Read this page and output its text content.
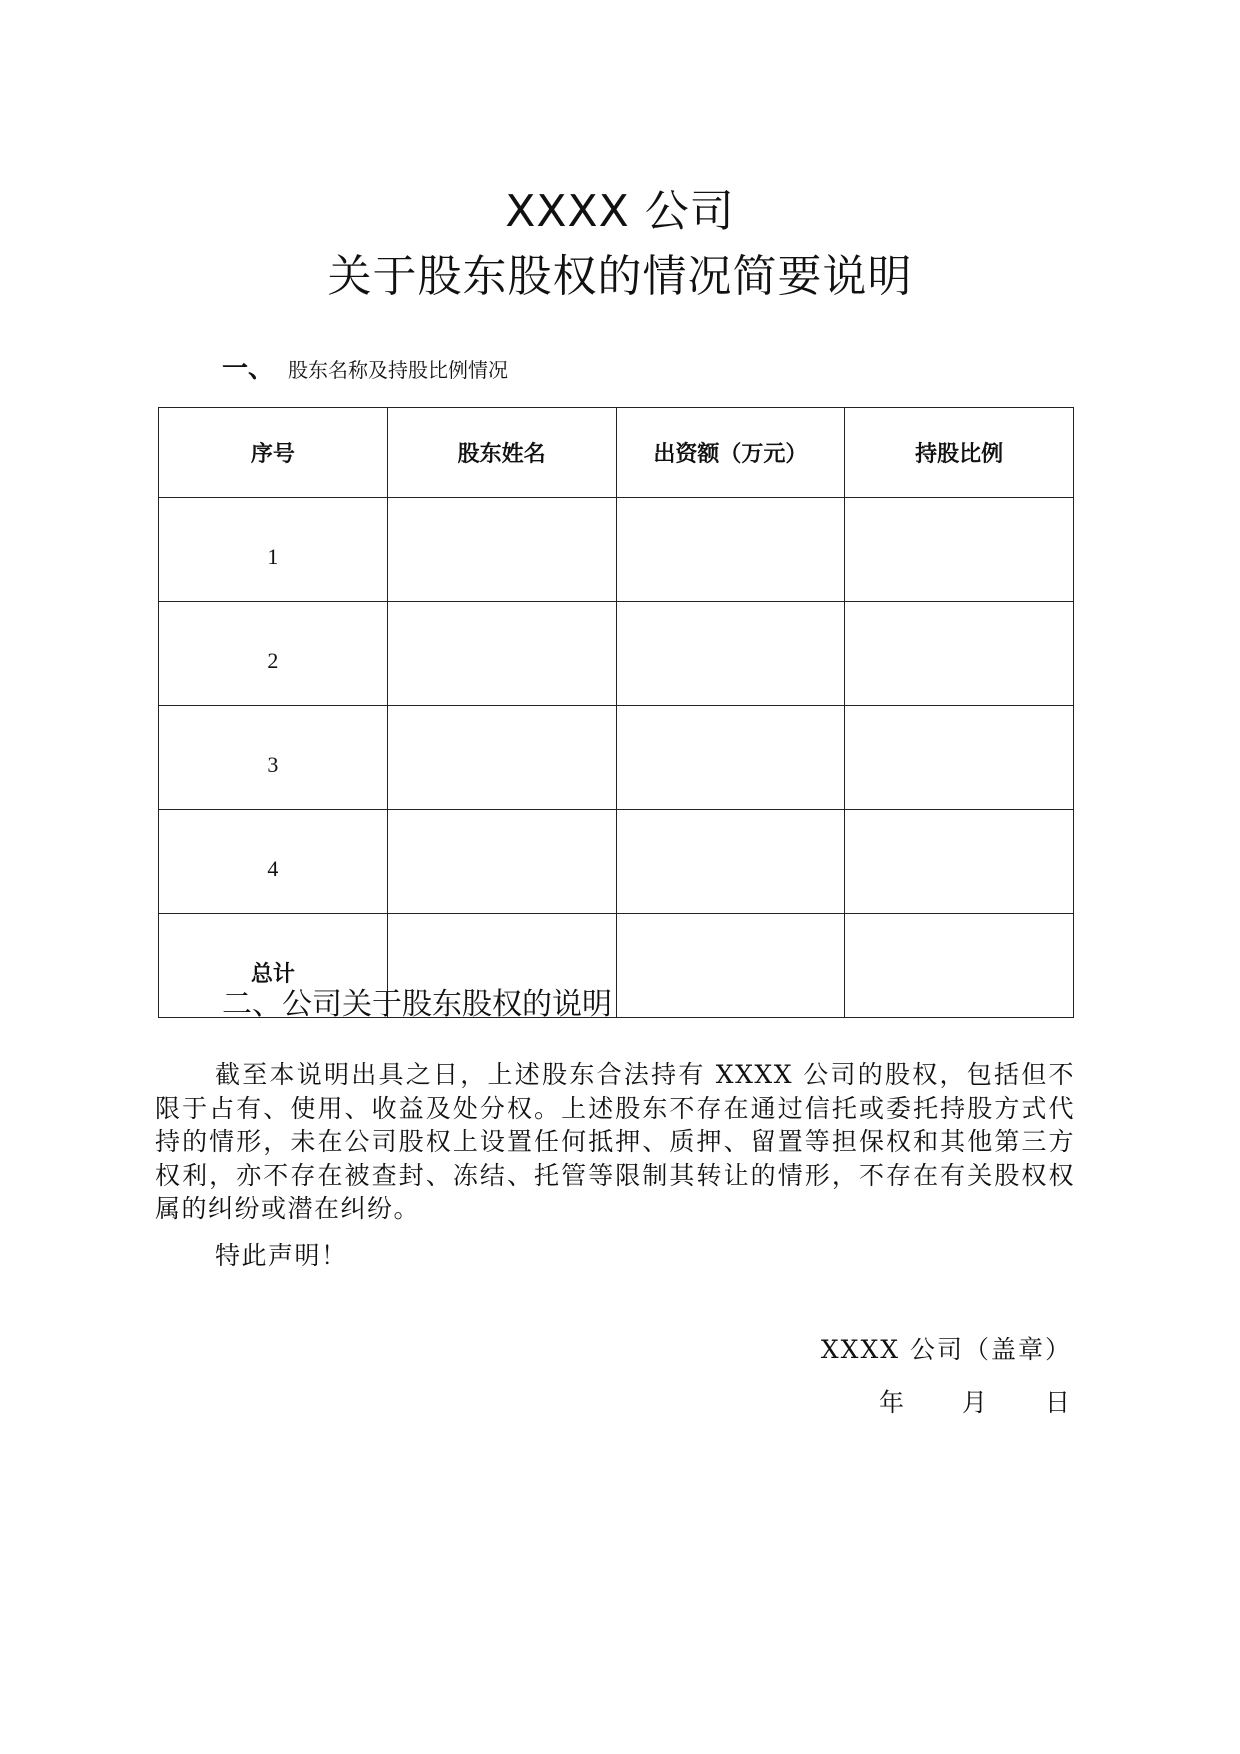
XXXX 公司
关于股东股权的情况简要说明
一、 股东名称及持股比例情况
序号	股东姓名	出资额（万元）	持股比例
1			
2			
3			
4			
总计			
二、公司关于股东股权的说明

截至本说明出具之日，上述股东合法持有 XXXX 公司的股权，包括但不限于占有、使用、收益及处分权。上述股东不存在通过信托或委托持股方式代持的情形，未在公司股权上设置任何抵押、质押、留置等担保权和其他第三方权利，亦不存在被查封、冻结、托管等限制其转让的情形，不存在有关股权权属的纠纷或潜在纠纷。

特此声明！

XXXX 公司（盖章）
年 月 日
